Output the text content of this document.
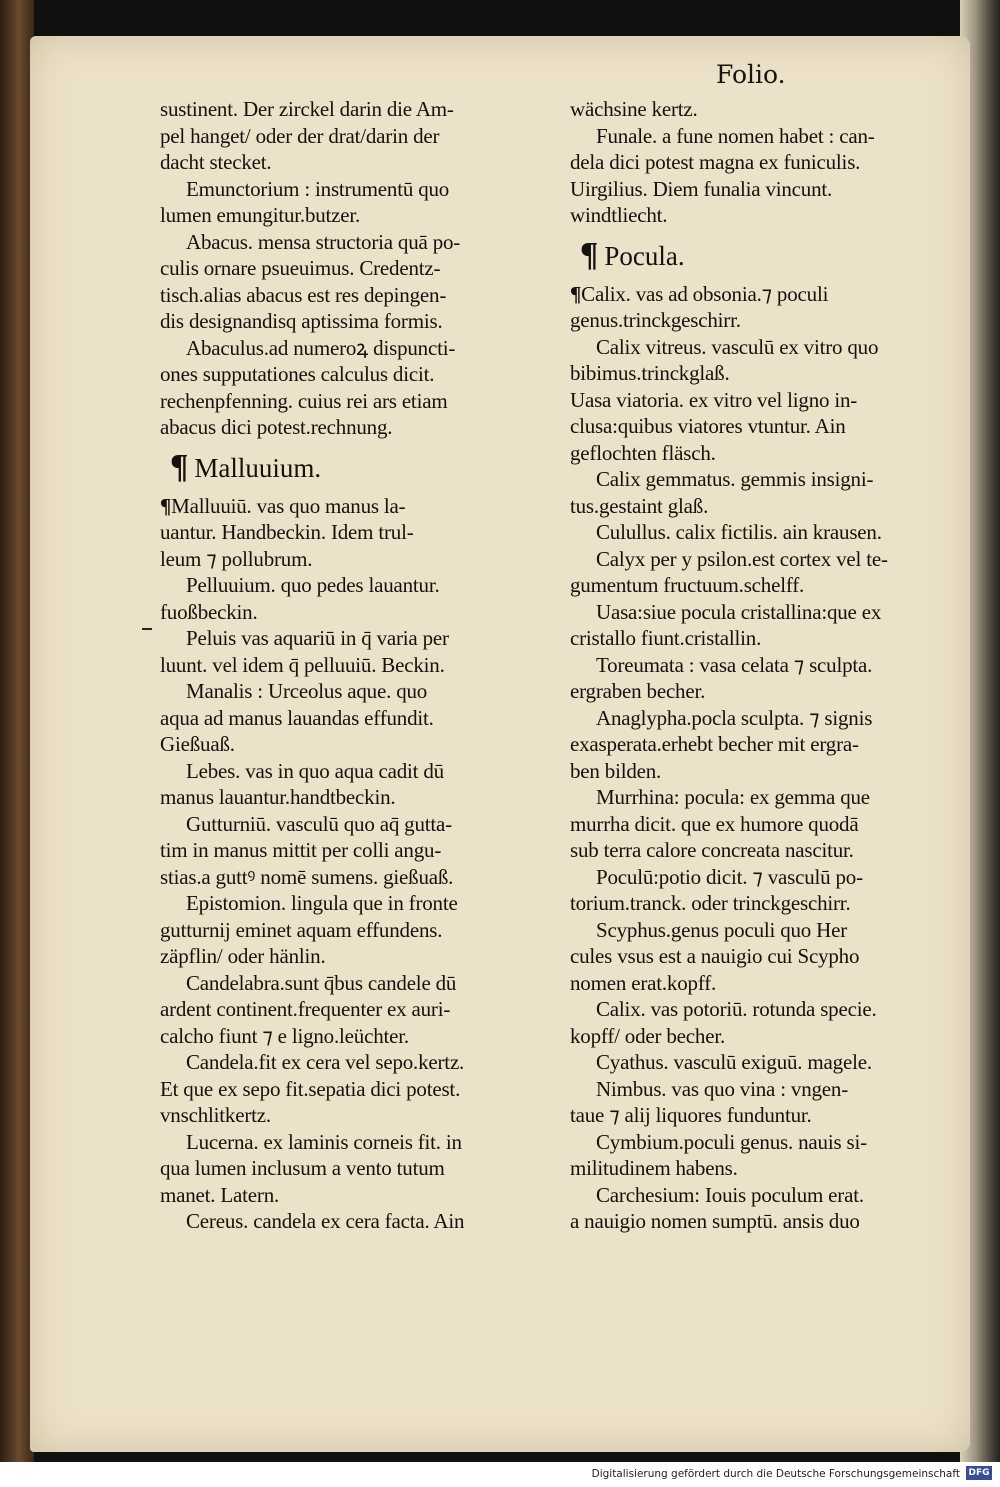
Folio.
sustinent. Der zirckel darin die Am‑
pel hanget/ oder der drat/darin der
dacht stecket.
Emunctorium : instrumentū quo
lumen emungitur.butzer.
Abacus. mensa structoria quā po‑
culis ornare psueuimus. Credentz‑
tisch.alias abacus est res depingen‑
dis designandisq aptissima formis.
Abaculus.ad numeroꝝ dispuncti‑
ones supputationes calculus dicit.
rechenpfenning. cuius rei ars etiam
abacus dici potest.rechnung.
¶ Malluuium.
¶Malluuiū. vas quo manus la‑
uantur. Handbeckin. Idem trul‑
leum ⁊ pollubrum.
Pelluuium. quo pedes lauantur.
fuoßbeckin.
Peluis vas aquariū in q̄ varia per
luunt. vel idem q̄ pelluuiū. Beckin.
Manalis : Urceolus aque. quo
aqua ad manus lauandas effundit.
Gießuaß.
Lebes. vas in quo aqua cadit dū
manus lauantur.handtbeckin.
Gutturniū. vasculū quo aq̄ gutta‑
tim in manus mittit per colli angu‑
stias.a guttꝰ nomē sumens. gießuaß.
Epistomion. lingula que in fronte
gutturnij eminet aquam effundens.
zäpflin/ oder hänlin.
Candelabra.sunt q̄bus candele dū
ardent continent.frequenter ex auri‑
calcho fiunt ⁊ e ligno.leüchter.
Candela.fit ex cera vel sepo.kertz.
Et que ex sepo fit.sepatia dici potest.
vnschlitkertz.
Lucerna. ex laminis corneis fit. in
qua lumen inclusum a vento tutum
manet. Latern.
Cereus. candela ex cera facta. Ain
wächsine kertz.
Funale. a fune nomen habet : can‑
dela dici potest magna ex funiculis.
Uirgilius. Diem funalia vincunt.
windtliecht.
¶ Pocula.
¶Calix. vas ad obsonia.⁊ poculi
genus.trinckgeschirr.
Calix vitreus. vasculū ex vitro quo
bibimus.trinckglaß.
Uasa viatoria. ex vitro vel ligno in‑
clusa:quibus viatores vtuntur. Ain
geflochten fläsch.
Calix gemmatus. gemmis insigni‑
tus.gestaint glaß.
Culullus. calix fictilis. ain krausen.
Calyx per y psilon.est cortex vel te‑
gumentum fructuum.schelff.
Uasa:siue pocula cristallina:que ex
cristallo fiunt.cristallin.
Toreumata : vasa celata ⁊ sculpta.
ergraben becher.
Anaglypha.pocla sculpta. ⁊ signis
exasperata.erhebt becher mit ergra‑
ben bilden.
Murrhina: pocula: ex gemma que
murrha dicit. que ex humore quodā
sub terra calore concreata nascitur.
Poculū:potio dicit. ⁊ vasculū po‑
torium.tranck. oder trinckgeschirr.
Scyphus.genus poculi quo Her
cules vsus est a nauigio cui Scypho
nomen erat.kopff.
Calix. vas potoriū. rotunda specie.
kopff/ oder becher.
Cyathus. vasculū exiguū. magele.
Nimbus. vas quo vina : vngen‑
taue ⁊ alij liquores funduntur.
Cymbium.poculi genus. nauis si‑
militudinem habens.
Carchesium: Iouis poculum erat.
a nauigio nomen sumptū. ansis duo
Digitalisierung gefördert durch die Deutsche Forschungsgemeinschaft DFG
